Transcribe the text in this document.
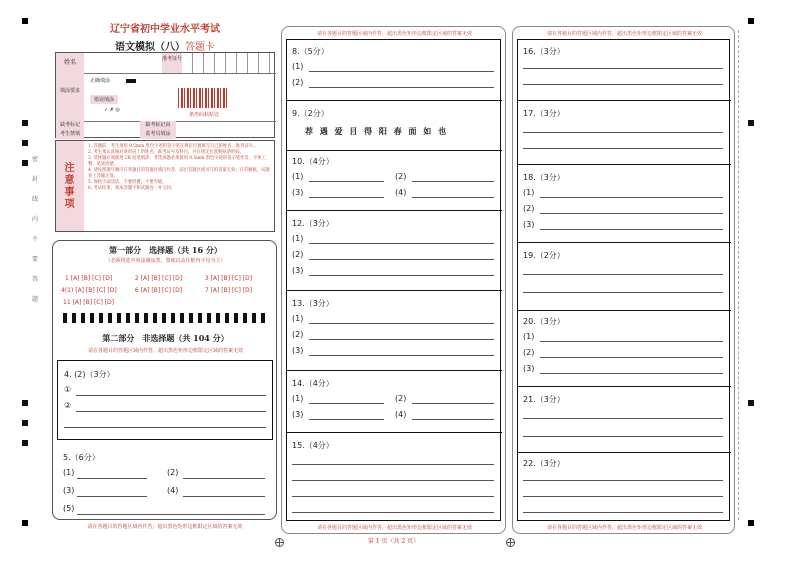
密 封 线 内 不 要 答 题
辽宁省初中学业水平考试
语文模拟（八）答题卡
姓名	准考证号
填涂要求
正确填涂
错误填涂
✓ ✗ ◎
条形码粘贴处
缺考标记
考生禁填
缺考标记由
监考员填涂
注意事项
1. 答题前，考生须用 0.5mm 黑色字迹的签字笔在规定位置填写自己的姓名、准考证号。
2. 考生须认真核对条形码上的姓名、准考证号及科目，并在规定位置粘贴条形码。
3. 选择题必须使用 2B 铅笔填涂；非选择题必须使用 0.5mm 黑色字迹的签字笔作答，字体工整、笔迹清楚。
4. 请按照题号顺序在各题目的答题区域内作答，超出答题区域书写的答案无效；在草稿纸、试题卷上答题无效。
5. 保持卡面清洁，不要折叠、不要弄破。
6. 考试结束，将本答题卡和试题卷一并交回。
第一部分　选择题（共 16 分）
（必须将选中项涂满涂黑，黑度以盖住框内字母为主）
1 [A] [B] [C] [D]	2 [A] [B] [C] [D]	3 [A] [B] [C] [D]
4(1) [A] [B] [C] [D]	6 [A] [B] [C] [D]	7 [A] [B] [C] [D]
11 [A] [B] [C] [D]
第二部分　非选择题（共 104 分）
请在各题目的答题区域内作答，超出黑色矩形边框限定区域的答案无效
4. (2)（3分）
①
②
5.（6分）
(1)	(2)
(3)	(4)
(5)
请在各题目的答题区域内作答，超出黑色矩形边框限定区域的答案无效
请在各题目的答题区域内作答，超出黑色矩形边框限定区域的答案无效
8.（5分）
(1)
(2)
9.（2分）
荐 遇 爱 目 得 阳 春 面 如 也
10.（4分）
(1)	(2)
(3)	(4)
12.（3分）
(1)
(2)
(3)
13.（3分）
(1)
(2)
(3)
14.（4分）
(1)	(2)
(3)	(4)
15.（4分）
请在各题目的答题区域内作答，超出黑色矩形边框限定区域的答案无效
第 1 页（共 2 页）
请在各题目的答题区域内作答，超出黑色矩形边框限定区域的答案无效
16.（3分）
17.（3分）
18.（3分）
(1)
(2)
(3)
19.（2分）
20.（3分）
(1)
(2)
(3)
21.（3分）
22.（3分）
请在各题目的答题区域内作答，超出黑色矩形边框限定区域的答案无效
